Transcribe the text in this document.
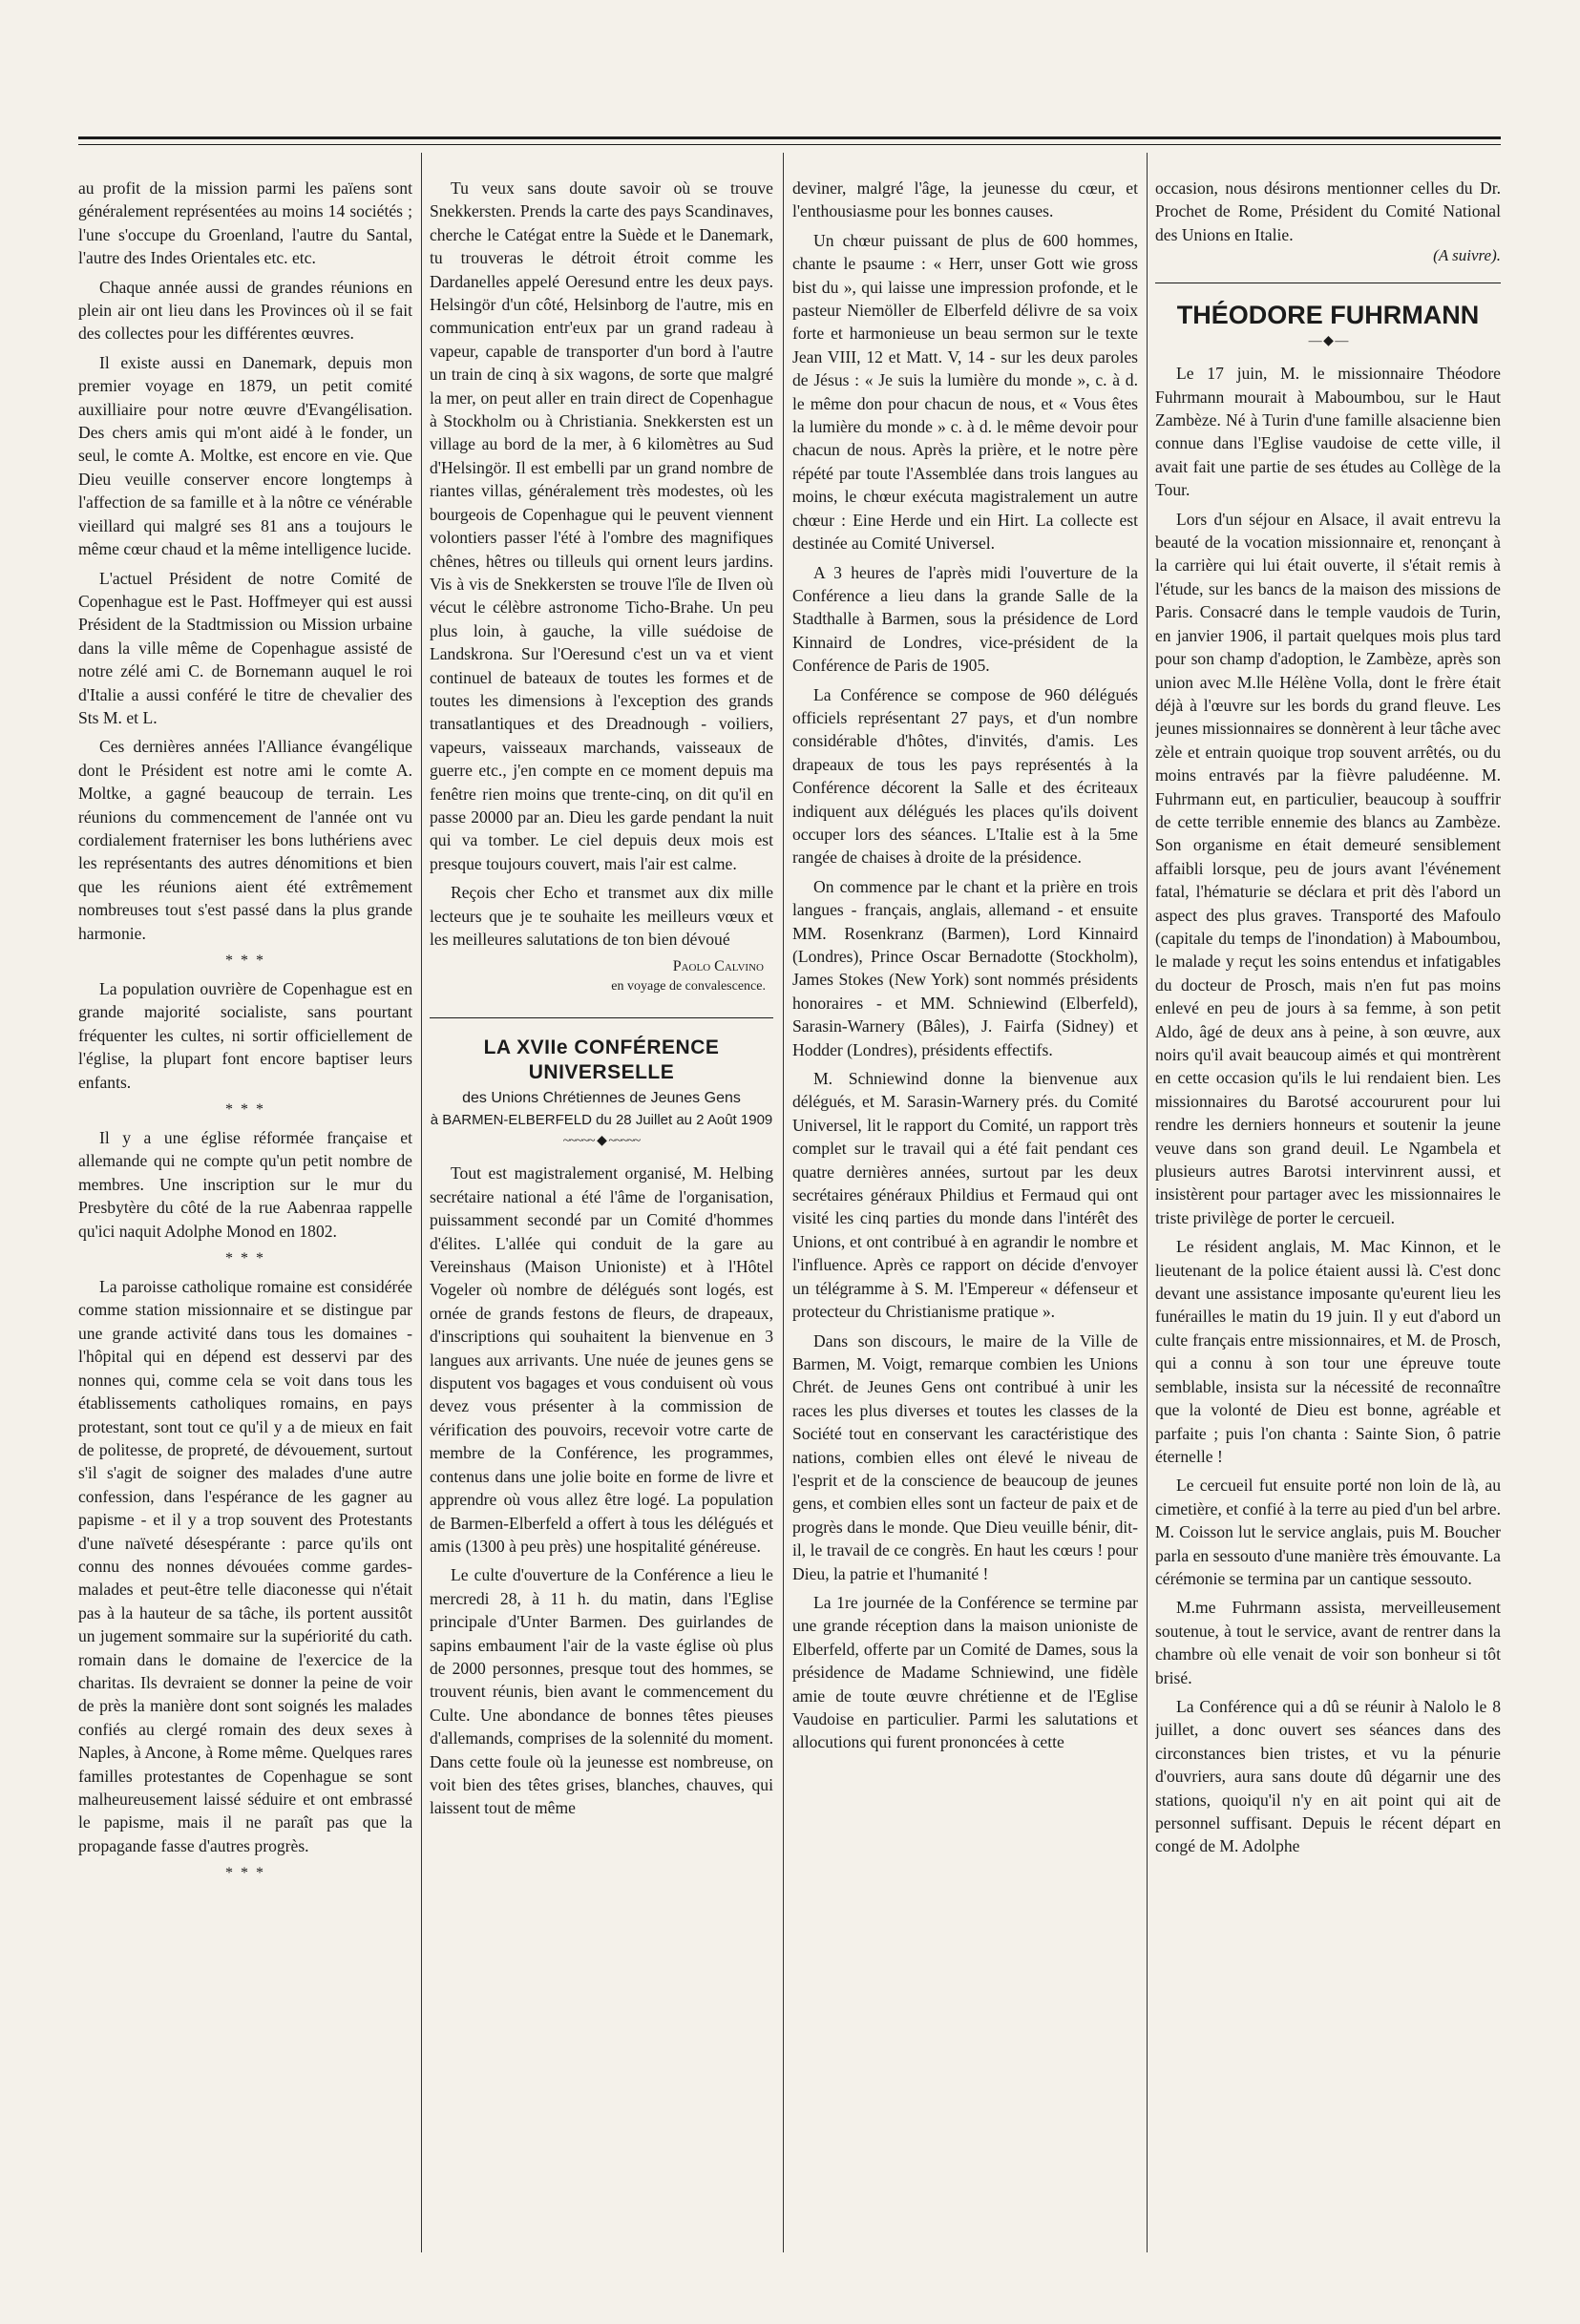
au profit de la mission parmi les païens sont généralement représentées au moins 14 sociétés ; l'une s'occupe du Groenland, l'autre du Santal, l'autre des Indes Orientales etc. etc.

Chaque année aussi de grandes réunions en plein air ont lieu dans les Provinces où il se fait des collectes pour les différentes œuvres.

Il existe aussi en Danemark, depuis mon premier voyage en 1879, un petit comité auxilliaire pour notre œuvre d'Evangélisation. Des chers amis qui m'ont aidé à le fonder, un seul, le comte A. Moltke, est encore en vie. Que Dieu veuille conserver encore longtemps à l'affection de sa famille et à la nôtre ce vénérable vieillard qui malgré ses 81 ans a toujours le même cœur chaud et la même intelligence lucide.

L'actuel Président de notre Comité de Copenhague est le Past. Hoffmeyer qui est aussi Président de la Stadtmission ou Mission urbaine dans la ville même de Copenhague assisté de notre zélé ami C. de Bornemann auquel le roi d'Italie a aussi conféré le titre de chevalier des Sts M. et L.

Ces dernières années l'Alliance évangélique dont le Président est notre ami le comte A. Moltke, a gagné beaucoup de terrain. Les réunions du commencement de l'année ont vu cordialement fraterniser les bons luthériens avec les représentants des autres dénomitions et bien que les réunions aient été extrêmement nombreuses tout s'est passé dans la plus grande harmonie.

* * *

La population ouvrière de Copenhague est en grande majorité socialiste, sans pourtant fréquenter les cultes, ni sortir officiellement de l'église, la plupart font encore baptiser leurs enfants.

* * *

Il y a une église réformée française et allemande qui ne compte qu'un petit nombre de membres. Une inscription sur le mur du Presbytère du côté de la rue Aabenraa rappelle qu'ici naquit Adolphe Monod en 1802.

* * *

La paroisse catholique romaine est considérée comme station missionnaire et se distingue par une grande activité dans tous les domaines - l'hôpital qui en dépend est desservi par des nonnes qui, comme cela se voit dans tous les établissements catholiques romains, en pays protestant, sont tout ce qu'il y a de mieux en fait de politesse, de propreté, de dévouement, surtout s'il s'agit de soigner des malades d'une autre confession, dans l'espérance de les gagner au papisme - et il y a trop souvent des Protestants d'une naïveté désespérante : parce qu'ils ont connu des nonnes dévouées comme gardes-malades et peut-être telle diaconesse qui n'était pas à la hauteur de sa tâche, ils portent aussitôt un jugement sommaire sur la supériorité du cath. romain dans le domaine de l'exercice de la charitas. Ils devraient se donner la peine de voir de près la manière dont sont soignés les malades confiés au clergé romain des deux sexes à Naples, à Ancone, à Rome même. Quelques rares familles protestantes de Copenhague se sont malheureusement laissé séduire et ont embrassé le papisme, mais il ne paraît pas que la propagande fasse d'autres progrès.

* * *

Tu veux sans doute savoir où se trouve Snekkersten. Prends la carte des pays Scandinaves, cherche le Catégat entre la Suède et le Danemark, tu trouveras le détroit étroit comme les Dardanelles appelé Oeresund entre les deux pays. Helsingör d'un côté, Helsinborg de l'autre, mis en communication entr'eux par un grand radeau à vapeur, capable de transporter d'un bord à l'autre un train de cinq à six wagons, de sorte que malgré la mer, on peut aller en train direct de Copenhague à Stockholm ou à Christiania. Snekkersten est un village au bord de la mer, à 6 kilomètres au Sud d'Helsingör. Il est embelli par un grand nombre de riantes villas, généralement très modestes, où les bourgeois de Copenhague qui le peuvent viennent volontiers passer l'été à l'ombre des magnifiques chênes, hêtres ou tilleuls qui ornent leurs jardins. Vis à vis de Snekkersten se trouve l'île de Ilven où vécut le célèbre astronome Ticho-Brahe. Un peu plus loin, à gauche, la ville suédoise de Landskrona. Sur l'Oeresund c'est un va et vient continuel de bateaux de toutes les formes et de toutes les dimensions à l'exception des grands transatlantiques et des Dreadnough - voiliers, vapeurs, vaisseaux marchands, vaisseaux de guerre etc., j'en compte en ce moment depuis ma fenêtre rien moins que trente-cinq, on dit qu'il en passe 20000 par an. Dieu les garde pendant la nuit qui va tomber. Le ciel depuis deux mois est presque toujours couvert, mais l'air est calme.

Reçois cher Echo et transmet aux dix mille lecteurs que je te souhaite les meilleurs vœux et les meilleures salutations de ton bien dévoué

Paolo Calvino
en voyage de convalescence.
LA XVIIe CONFÉRENCE UNIVERSELLE
des Unions Chrétiennes de Jeunes Gens
à BARMEN-ELBERFELD du 28 Juillet au 2 Août 1909
~~~~~ ◆ ~~~~~

Tout est magistralement organisé, M. Helbing secrétaire national a été l'âme de l'organisation, puissamment secondé par un Comité d'hommes d'élites. L'allée qui conduit de la gare au Vereinshaus (Maison Unioniste) et à l'Hôtel Vogeler où nombre de délégués sont logés, est ornée de grands festons de fleurs, de drapeaux, d'inscriptions qui souhaitent la bienvenue en 3 langues aux arrivants. Une nuée de jeunes gens se disputent vos bagages et vous conduisent où vous devez vous présenter à la commission de vérification des pouvoirs, recevoir votre carte de membre de la Conférence, les programmes, contenus dans une jolie boite en forme de livre et apprendre où vous allez être logé. La population de Barmen-Elberfeld a offert à tous les délégués et amis (1300 à peu près) une hospitalité généreuse.

Le culte d'ouverture de la Conférence a lieu le mercredi 28, à 11 h. du matin, dans l'Eglise principale d'Unter Barmen. Des guirlandes de sapins embaument l'air de la vaste église où plus de 2000 personnes, presque tout des hommes, se trouvent réunis, bien avant le commencement du Culte. Une abondance de bonnes têtes pieuses d'allemands, comprises de la solennité du moment. Dans cette foule où la jeunesse est nombreuse, on voit bien des têtes grises, blanches, chauves, qui laissent tout de même

deviner, malgré l'âge, la jeunesse du cœur, et l'enthousiasme pour les bonnes causes.

Un chœur puissant de plus de 600 hommes, chante le psaume : « Herr, unser Gott wie gross bist du », qui laisse une impression profonde, et le pasteur Niemöller de Elberfeld délivre de sa voix forte et harmonieuse un beau sermon sur le texte Jean VIII, 12 et Matt. V, 14 - sur les deux paroles de Jésus : « Je suis la lumière du monde », c. à d. le même don pour chacun de nous, et « Vous êtes la lumière du monde » c. à d. le même devoir pour chacun de nous. Après la prière, et le notre père répété par toute l'Assemblée dans trois langues au moins, le chœur exécuta magistralement un autre chœur : Eine Herde und ein Hirt. La collecte est destinée au Comité Universel.

A 3 heures de l'après midi l'ouverture de la Conférence a lieu dans la grande Salle de la Stadthalle à Barmen, sous la présidence de Lord Kinnaird de Londres, vice-président de la Conférence de Paris de 1905.

La Conférence se compose de 960 délégués officiels représentant 27 pays, et d'un nombre considérable d'hôtes, d'invités, d'amis. Les drapeaux de tous les pays représentés à la Conférence décorent la Salle et des écriteaux indiquent aux délégués les places qu'ils doivent occuper lors des séances. L'Italie est à la 5me rangée de chaises à droite de la présidence.

On commence par le chant et la prière en trois langues - français, anglais, allemand - et ensuite MM. Rosenkranz (Barmen), Lord Kinnaird (Londres), Prince Oscar Bernadotte (Stockholm), James Stokes (New York) sont nommés présidents honoraires - et MM. Schniewind (Elberfeld), Sarasin-Warnery (Bâles), J. Fairfa (Sidney) et Hodder (Londres), présidents effectifs.

M. Schniewind donne la bienvenue aux délégués, et M. Sarasin-Warnery prés. du Comité Universel, lit le rapport du Comité, un rapport très complet sur le travail qui a été fait pendant ces quatre dernières années, surtout par les deux secrétaires généraux Phildius et Fermaud qui ont visité les cinq parties du monde dans l'intérêt des Unions, et ont contribué à en agrandir le nombre et l'influence. Après ce rapport on décide d'envoyer un télégramme à S. M. l'Empereur « défenseur et protecteur du Christianisme pratique ».

Dans son discours, le maire de la Ville de Barmen, M. Voigt, remarque combien les Unions Chrét. de Jeunes Gens ont contribué à unir les races les plus diverses et toutes les classes de la Société tout en conservant les caractéristique des nations, combien elles ont élevé le niveau de l'esprit et de la conscience de beaucoup de jeunes gens, et combien elles sont un facteur de paix et de progrès dans le monde. Que Dieu veuille bénir, dit-il, le travail de ce congrès. En haut les cœurs ! pour Dieu, la patrie et l'humanité !

La 1re journée de la Conférence se termine par une grande réception dans la maison unioniste de Elberfeld, offerte par un Comité de Dames, sous la présidence de Madame Schniewind, une fidèle amie de toute œuvre chrétienne et de l'Eglise Vaudoise en particulier. Parmi les salutations et allocutions qui furent prononcées à cette

occasion, nous désirons mentionner celles du Dr. Prochet de Rome, Président du Comité National des Unions en Italie.

(A suivre).
THÉODORE FUHRMANN
— ◆ —

Le 17 juin, M. le missionnaire Théodore Fuhrmann mourait à Maboumbou, sur le Haut Zambèze. Né à Turin d'une famille alsacienne bien connue dans l'Eglise vaudoise de cette ville, il avait fait une partie de ses études au Collège de la Tour.

Lors d'un séjour en Alsace, il avait entrevu la beauté de la vocation missionnaire et, renonçant à la carrière qui lui était ouverte, il s'était remis à l'étude, sur les bancs de la maison des missions de Paris. Consacré dans le temple vaudois de Turin, en janvier 1906, il partait quelques mois plus tard pour son champ d'adoption, le Zambèze, après son union avec M.lle Hélène Volla, dont le frère était déjà à l'œuvre sur les bords du grand fleuve. Les jeunes missionnaires se donnèrent à leur tâche avec zèle et entrain quoique trop souvent arrêtés, ou du moins entravés par la fièvre paludéenne. M. Fuhrmann eut, en particulier, beaucoup à souffrir de cette terrible ennemie des blancs au Zambèze. Son organisme en était demeuré sensiblement affaibli lorsque, peu de jours avant l'événement fatal, l'hématurie se déclara et prit dès l'abord un aspect des plus graves. Transporté des Mafoulo (capitale du temps de l'inondation) à Maboumbou, le malade y reçut les soins entendus et infatigables du docteur de Prosch, mais n'en fut pas moins enlevé en peu de jours à sa femme, à son petit Aldo, âgé de deux ans à peine, à son œuvre, aux noirs qu'il avait beaucoup aimés et qui montrèrent en cette occasion qu'ils le lui rendaient bien. Les missionnaires du Barotsé accoururent pour lui rendre les derniers honneurs et soutenir la jeune veuve dans son grand deuil. Le Ngambela et plusieurs autres Barotsi intervinrent aussi, et insistèrent pour partager avec les missionnaires le triste privilège de porter le cercueil.

Le résident anglais, M. Mac Kinnon, et le lieutenant de la police étaient aussi là. C'est donc devant une assistance imposante qu'eurent lieu les funérailles le matin du 19 juin. Il y eut d'abord un culte français entre missionnaires, et M. de Prosch, qui a connu à son tour une épreuve toute semblable, insista sur la nécessité de reconnaître que la volonté de Dieu est bonne, agréable et parfaite ; puis l'on chanta : Sainte Sion, ô patrie éternelle !

Le cercueil fut ensuite porté non loin de là, au cimetière, et confié à la terre au pied d'un bel arbre. M. Coisson lut le service anglais, puis M. Boucher parla en sessouto d'une manière très émouvante. La cérémonie se termina par un cantique sessouto.

M.me Fuhrmann assista, merveilleusement soutenue, à tout le service, avant de rentrer dans la chambre où elle venait de voir son bonheur si tôt brisé.

La Conférence qui a dû se réunir à Nalolo le 8 juillet, a donc ouvert ses séances dans des circonstances bien tristes, et vu la pénurie d'ouvriers, aura sans doute dû dégarnir une des stations, quoiqu'il n'y en ait point qui ait de personnel suffisant. Depuis le récent départ en congé de M. Adolphe
